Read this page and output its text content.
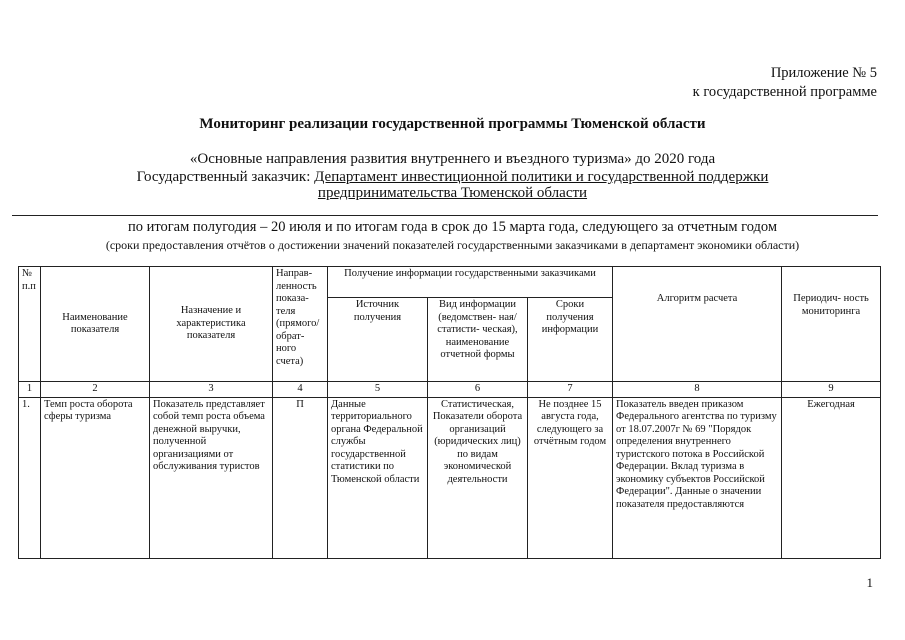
Приложение № 5
к государственной программе
Мониторинг реализации государственной программы Тюменской области
«Основные направления развития внутреннего и въездного туризма» до 2020 года
Государственный заказчик: Департамент инвестиционной политики и государственной поддержки
предпринимательства Тюменской области
по итогам полугодия – 20 июля и по итогам года в срок до 15 марта года, следующего за отчетным годом
(сроки предоставления отчётов о достижении значений показателей государственными заказчиками в департамент экономики области)
№ п.п	Наименование показателя	Назначение и характеристика показателя	Направ- ленность показа- теля (прямого/ обрат- ного счета)	Получение информации государственными заказчиками			Алгоритм расчета	Периодич- ность мониторинга
				Источник получения	Вид информации (ведомствен- ная/статисти- ческая), наименование отчетной формы	Сроки получения информации		
1	2	3	4	5	6	7	8	9
1.	Темп роста оборота сферы туризма	Показатель представляет собой темп роста объема денежной выручки, полученной организациями от обслуживания туристов	П	Данные территориального органа Федеральной службы государственной статистики по Тюменской области	Статистическая, Показатели оборота организаций (юридических лиц) по видам экономической деятельности	Не позднее 15 августа года, следующего за отчётным годом	Показатель введен приказом Федерального агентства по туризму от 18.07.2007г № 69 "Порядок определения внутреннего туристского потока в Российской Федерации. Вклад туризма в экономику субъектов Российской Федерации". Данные о значении показателя предоставляются	Ежегодная
1
